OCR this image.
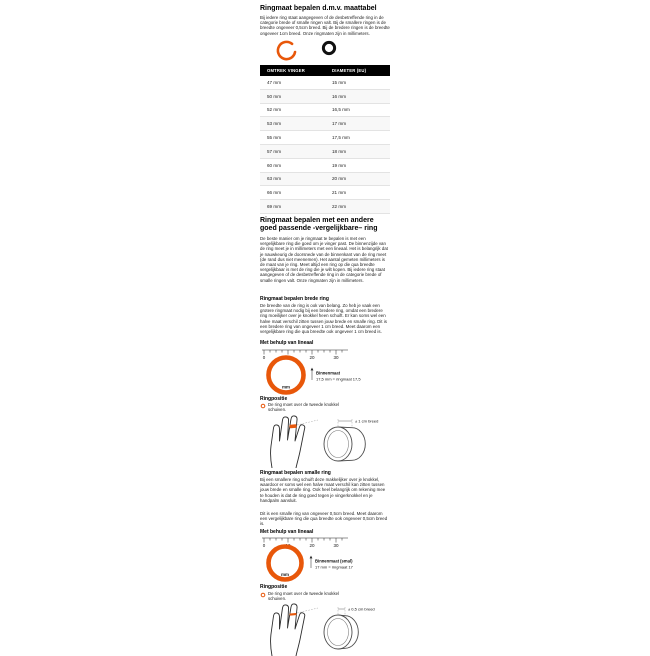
Ringmaat bepalen d.m.v. maattabel
Bij iedere ring staat aangegeven of de desbetreffende ring in de categorie brede of smalle ringen valt. Bij de smallere ringen is de breedte ongeveer 0,5cm breed. Bij de bredere ringen is de breedte ongeveer 1cm breed. Onze ringmaten zijn in millimeters.
OMTREK VINGER	DIAMETER (EU)
47 mm	15 mm
50 mm	16 mm
52 mm	16,5 mm
53 mm	17 mm
55 mm	17,5 mm
57 mm	18 mm
60 mm	19 mm
63 mm	20 mm
66 mm	21 mm
69 mm	22 mm
Ringmaat bepalen met een andere goed passende -vergelijkbare– ring
De beste manier om je ringmaat te bepalen is met een vergelijkbare ring die goed om je vinger past. De binnenzijde van de ring meet je in millimeters met een lineaal. Het is belangrijk dat je nauwkeurig de doorsnede van de binnenkant van de ring meet (de rand dus niet meenemen). Het aantal gemeten millimeters is de maat van je ring. Meet altijd een ring op die qua breedte vergelijkbaar is met de ring die je wilt kopen. Bij iedere ring staat aangegeven of de desbetreffende ring in de categorie brede of smalle ringen valt. Onze ringmaten zijn in millimeters.
Ringmaat bepalen brede ring
De breedte van de ring is ook van belang. Zo heb je vaak een grotere ringmaat nodig bij een bredere ring, omdat een bredere ring moeilijker over je knokkel heen schuift. Er kan soms wel een halve maat verschil zitten tussen jouw brede en smalle ring. Dit is een bredere ring van ongeveer 1 cm breed. Meet daarom een vergelijkbare ring die qua breedte ook ongeveer 1 cm breed is.
Met behulp van lineaal
0	10	20	30
mm
Binnenmaat
17,5 mm = ringmaat 17,5
Ringpositie
De ring moet over de tweede knokkel schuiven.
± 1 cm breed
Ringmaat bepalen smalle ring
Bij een smallere ring schuift deze makkelijker over je knokkel, waardoor er soms wel een halve maat verschil kan zitten tussen jouw brede en smalle ring. Ook heel belangrijk om rekening mee te houden is dat de ring goed tegen je vingerknokkel en je handpalm aansluit.
Dit is een smalle ring van ongeveer 0,5cm breed. Meet daarom een vergelijkbare ring die qua breedte ook ongeveer 0,5cm breed is.
Met behulp van lineaal
0	10	20	30
mm
Binnenmaat (smal)
17 mm = ringmaat 17
Ringpositie
De ring moet over de tweede knokkel schuiven.
± 0,5 cm breed
